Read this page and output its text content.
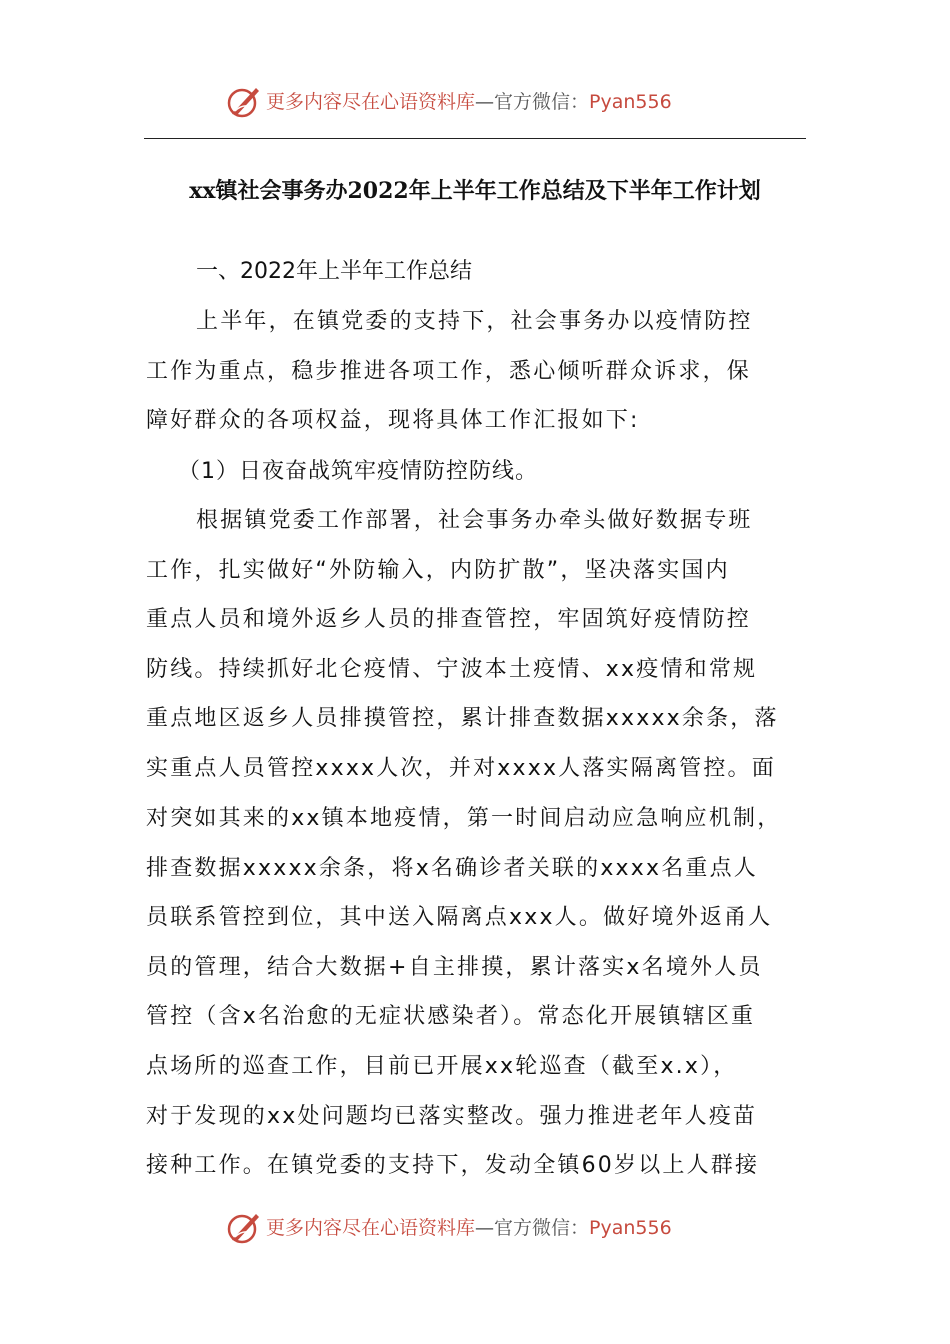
更多内容尽在心语资料库—官方微信：Pyan556
xx镇社会事务办2022年上半年工作总结及下半年工作计划
一、2022年上半年工作总结
上半年，在镇党委的支持下，社会事务办以疫情防控
工作为重点，稳步推进各项工作，悉心倾听群众诉求，保
障好群众的各项权益，现将具体工作汇报如下:
（1）日夜奋战筑牢疫情防控防线。
根据镇党委工作部署，社会事务办牵头做好数据专班
工作，扎实做好“外防输入，内防扩散”，坚决落实国内
重点人员和境外返乡人员的排查管控，牢固筑好疫情防控
防线。持续抓好北仑疫情、宁波本土疫情、xx疫情和常规
重点地区返乡人员排摸管控，累计排查数据xxxxx余条，落
实重点人员管控xxxx人次，并对xxxx人落实隔离管控。面
对突如其来的xx镇本地疫情，第一时间启动应急响应机制，
排查数据xxxxx余条，将x名确诊者关联的xxxx名重点人
员联系管控到位，其中送入隔离点xxx人。做好境外返甬人
员的管理，结合大数据+自主排摸，累计落实x名境外人员
管控（含x名治愈的无症状感染者）。常态化开展镇辖区重
点场所的巡查工作，目前已开展xx轮巡查（截至x.x），
对于发现的xx处问题均已落实整改。强力推进老年人疫苗
接种工作。在镇党委的支持下，发动全镇60岁以上人群接
更多内容尽在心语资料库—官方微信：Pyan556
